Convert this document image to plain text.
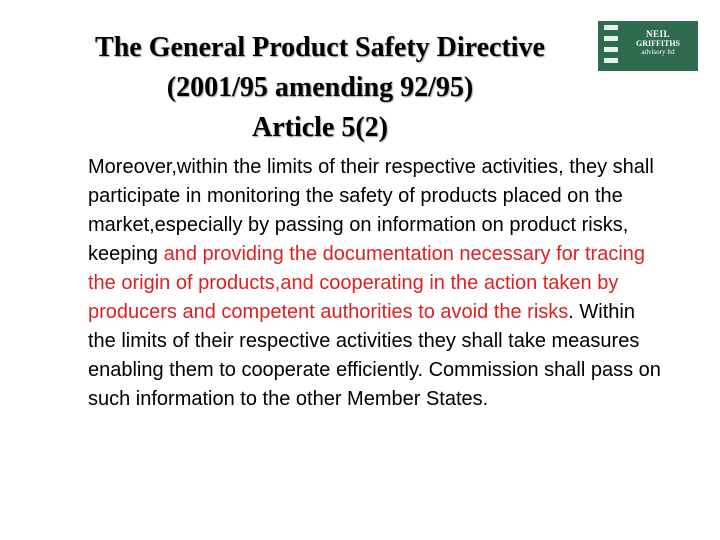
The General Product Safety Directive
(2001/95 amending 92/95)
Article 5(2)
NEIL
GRIFFITHS
advisory ltd
Moreover,within the limits of their respective activities, they shall participate in monitoring the safety of products placed on the market,especially by passing on information on product risks, keeping and providing the documentation necessary for tracing the origin of products,and cooperating in the action taken by producers and competent authorities to avoid the risks. Within the limits of their respective activities they shall take measures enabling them to cooperate efficiently. Commission shall pass on such information to the other Member States.
